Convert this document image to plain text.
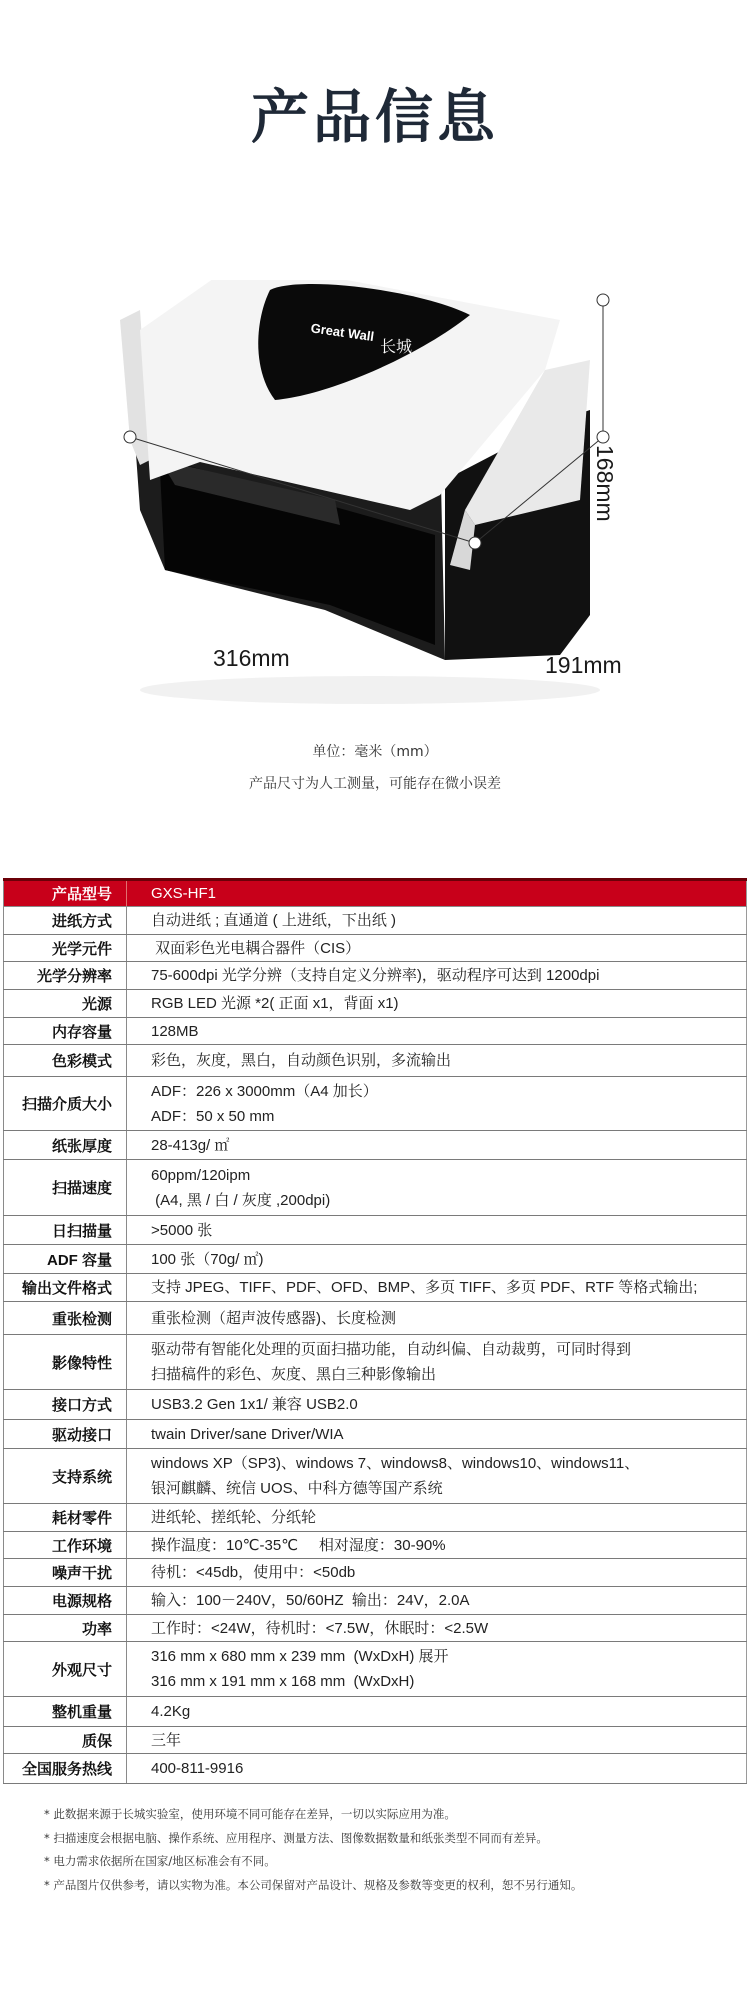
产品信息
Great Wall
长城
316mm	191mm
168mm
单位：毫米（mm）
产品尺寸为人工测量，可能存在微小误差
产品型号	GXS-HF1
进纸方式	自动进纸 ; 直通道 ( 上进纸，下出纸 )

光学元件	双面彩色光电耦合器件（CIS）

光学分辨率	75-600dpi 光学分辨（支持自定义分辨率)，驱动程序可达到 1200dpi

光源	RGB LED 光源 *2( 正面 x1，背面 x1)

内存容量	128MB

色彩模式	彩色，灰度，黑白，自动颜色识别，多流输出

扫描介质大小	ADF：226 x 3000mm（A4 加长）
ADF：50 x 50 mm

纸张厚度	28-413g/ ㎡

扫描速度	60ppm/120ipm
(A4, 黑 / 白 / 灰度 ,200dpi)

日扫描量	>5000 张

ADF 容量	100 张（70g/ ㎡)

输出文件格式	支持 JPEG、TIFF、PDF、OFD、BMP、多页 TIFF、多页 PDF、RTF 等格式输出;

重张检测	重张检测（超声波传感器)、长度检测

影像特性	驱动带有智能化处理的页面扫描功能，自动纠偏、自动裁剪，可同时得到
扫描稿件的彩色、灰度、黑白三种影像输出

接口方式	USB3.2 Gen 1x1/ 兼容 USB2.0

驱动接口	twain Driver/sane Driver/WIA

支持系统	windows XP（SP3)、windows 7、windows8、windows10、windows11、
银河麒麟、统信 UOS、中科方德等国产系统

耗材零件	进纸轮、搓纸轮、分纸轮

工作环境	操作温度：10℃-35℃     相对湿度：30-90%

噪声干扰	待机：<45db，使用中：<50db

电源规格	输入：100－240V，50/60HZ  输出：24V，2.0A

功率	工作时：<24W，待机时：<7.5W，休眠时：<2.5W

外观尺寸	316 mm x 680 mm x 239 mm  (WxDxH) 展开
316 mm x 191 mm x 168 mm  (WxDxH)

整机重量	4.2Kg

质保	三年

全国服务热线	400-811-9916
* 此数据来源于长城实验室，使用环境不同可能存在差异，一切以实际应用为准。
* 扫描速度会根据电脑、操作系统、应用程序、测量方法、图像数据数量和纸张类型不同而有差异。
* 电力需求依据所在国家/地区标准会有不同。
* 产品图片仅供参考，请以实物为准。本公司保留对产品设计、规格及参数等变更的权利，恕不另行通知。
